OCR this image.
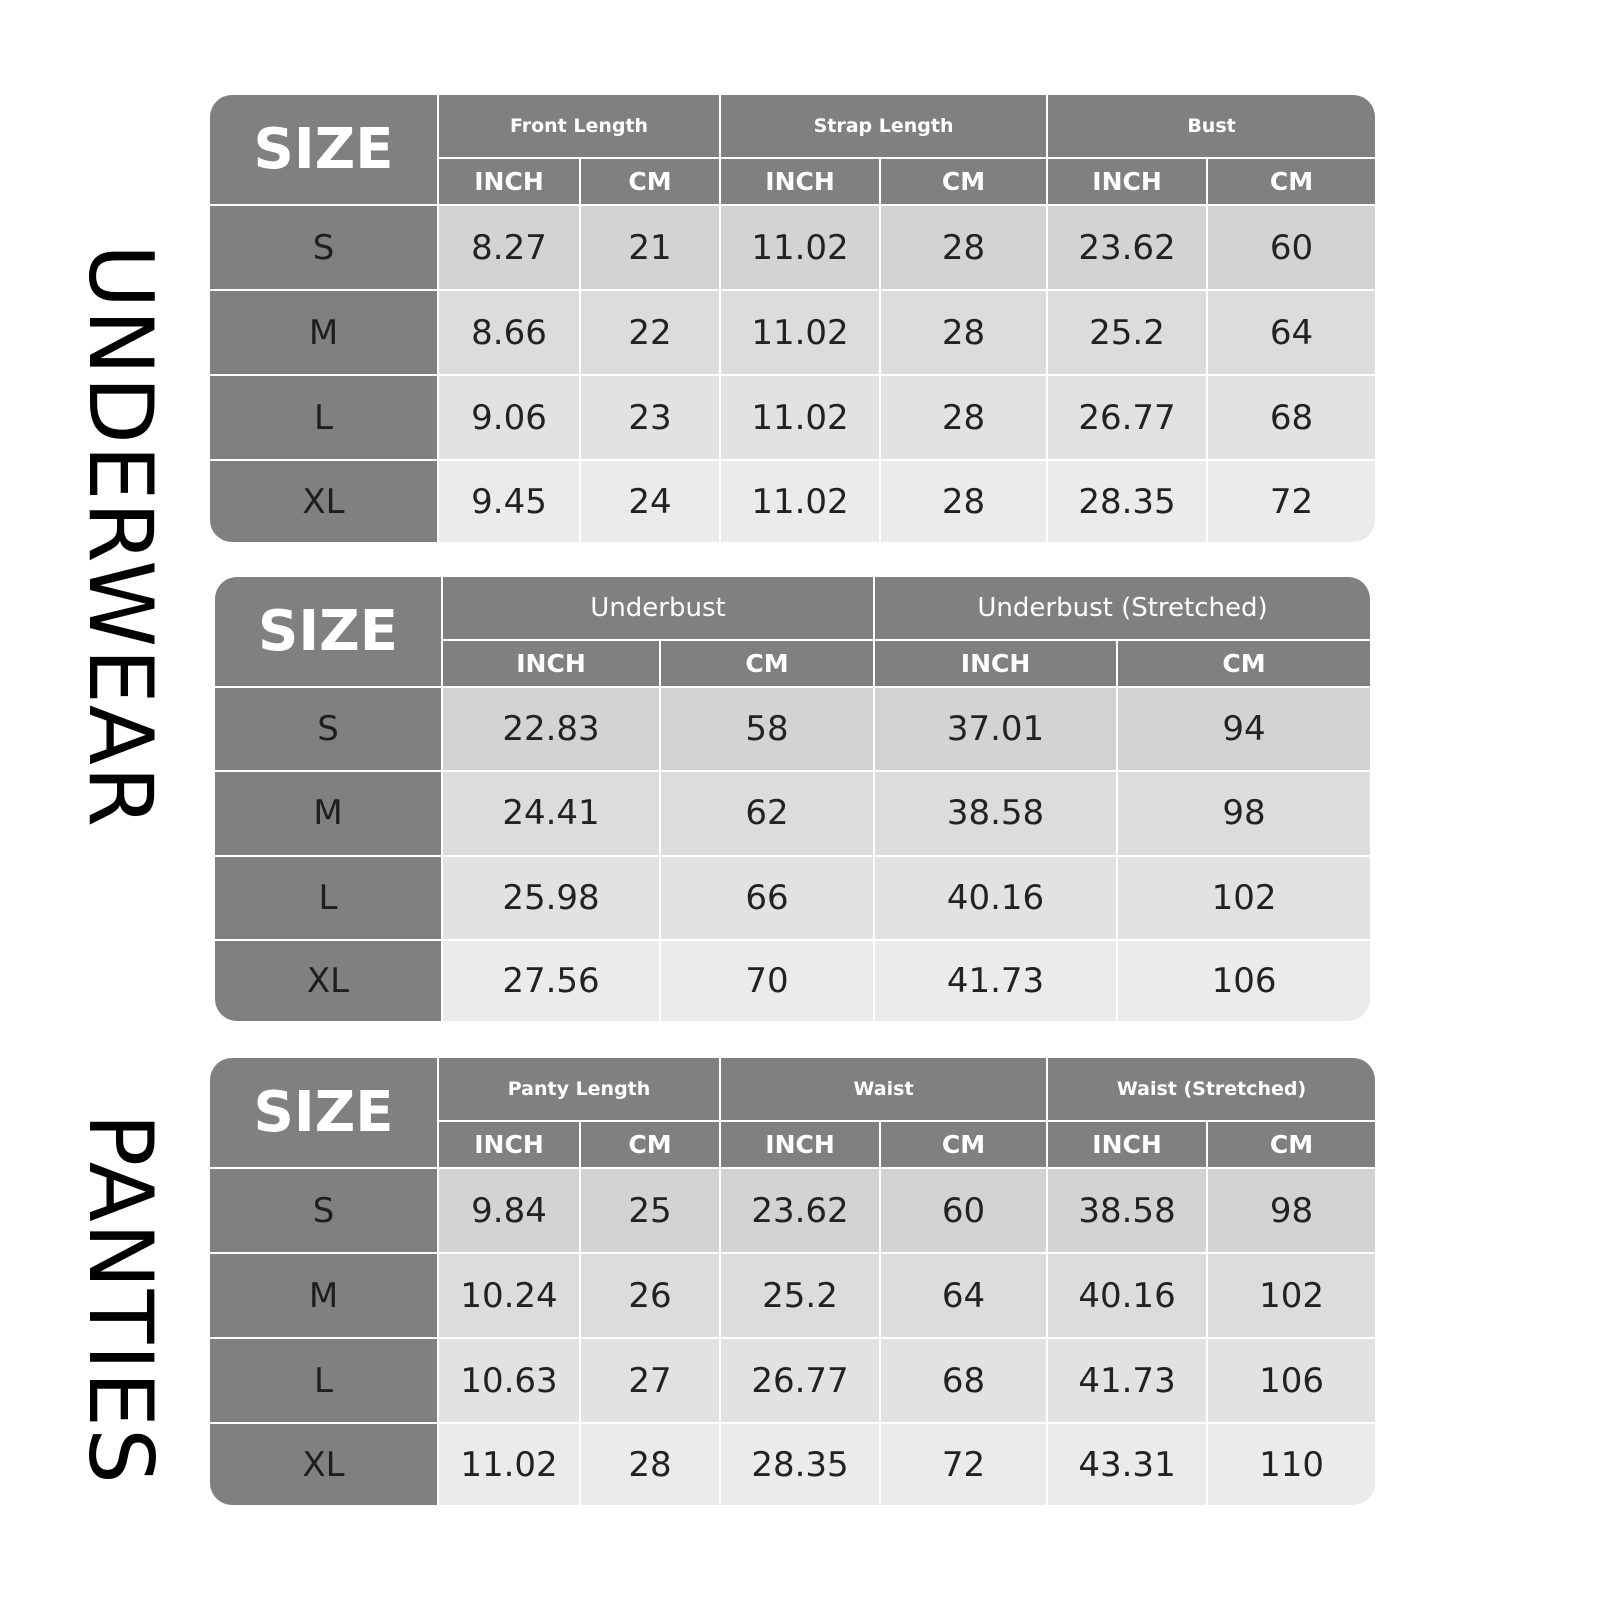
UNDERWEAR
PANTIES
SIZE	Front Length		Strap Length		Bust	
	INCH	CM	INCH	CM	INCH	CM
S	8.27	21	11.02	28	23.62	60
M	8.66	22	11.02	28	25.2	64
L	9.06	23	11.02	28	26.77	68
XL	9.45	24	11.02	28	28.35	72
SIZE	Underbust		Underbust (Stretched)	
	INCH	CM	INCH	CM
S	22.83	58	37.01	94
M	24.41	62	38.58	98
L	25.98	66	40.16	102
XL	27.56	70	41.73	106
SIZE	Panty Length		Waist		Waist (Stretched)	
	INCH	CM	INCH	CM	INCH	CM
S	9.84	25	23.62	60	38.58	98
M	10.24	26	25.2	64	40.16	102
L	10.63	27	26.77	68	41.73	106
XL	11.02	28	28.35	72	43.31	110
